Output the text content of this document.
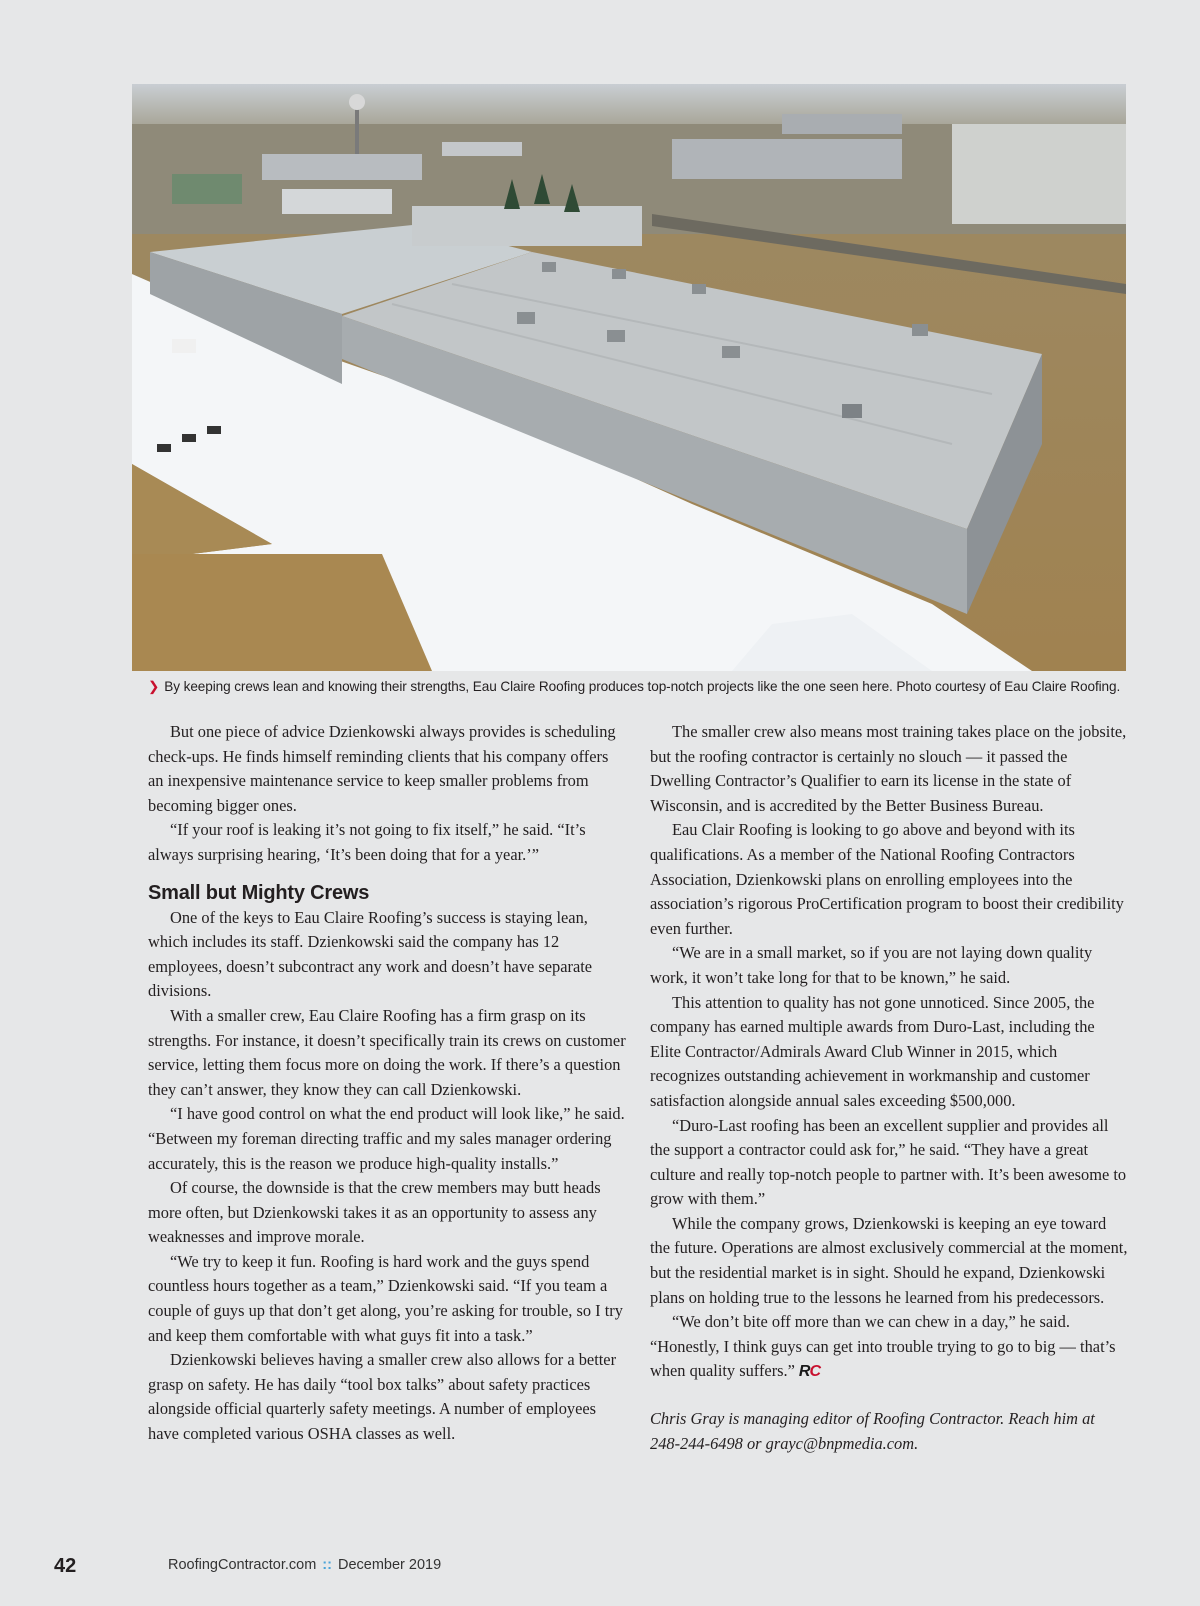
❯ By keeping crews lean and knowing their strengths, Eau Claire Roofing produces top-notch projects like the one seen here. Photo courtesy of Eau Claire Roofing.

But one piece of advice Dzienkowski always provides is scheduling check-ups. He finds himself reminding clients that his company offers an inexpensive maintenance service to keep smaller problems from becoming bigger ones.

“If your roof is leaking it’s not going to fix itself,” he said. “It’s always surprising hearing, ‘It’s been doing that for a year.’”

Small but Mighty Crews

One of the keys to Eau Claire Roofing’s success is staying lean, which includes its staff. Dzienkowski said the company has 12 employees, doesn’t subcontract any work and doesn’t have separate divisions.

With a smaller crew, Eau Claire Roofing has a firm grasp on its strengths. For instance, it doesn’t specifically train its crews on customer service, letting them focus more on doing the work. If there’s a question they can’t answer, they know they can call Dzienkowski.

“I have good control on what the end product will look like,” he said. “Between my foreman directing traffic and my sales manager ordering accurately, this is the reason we produce high-quality installs.”

Of course, the downside is that the crew members may butt heads more often, but Dzienkowski takes it as an opportunity to assess any weaknesses and improve morale.

“We try to keep it fun. Roofing is hard work and the guys spend countless hours together as a team,” Dzienkowski said. “If you team a couple of guys up that don’t get along, you’re asking for trouble, so I try and keep them comfortable with what guys fit into a task.”

Dzienkowski believes having a smaller crew also allows for a better grasp on safety. He has daily “tool box talks” about safety practices alongside official quarterly safety meetings. A number of employees have completed various OSHA classes as well.

The smaller crew also means most training takes place on the jobsite, but the roofing contractor is certainly no slouch — it passed the Dwelling Contractor’s Qualifier to earn its license in the state of Wisconsin, and is accredited by the Better Business Bureau.

Eau Clair Roofing is looking to go above and beyond with its qualifications. As a member of the National Roofing Contractors Association, Dzienkowski plans on enrolling employees into the association’s rigorous ProCertification program to boost their credibility even further.

“We are in a small market, so if you are not laying down quality work, it won’t take long for that to be known,” he said.

This attention to quality has not gone unnoticed. Since 2005, the company has earned multiple awards from Duro-Last, including the Elite Contractor/Admirals Award Club Winner in 2015, which recognizes outstanding achievement in workmanship and customer satisfaction alongside annual sales exceeding $500,000.

“Duro-Last roofing has been an excellent supplier and provides all the support a contractor could ask for,” he said. “They have a great culture and really top-notch people to partner with. It’s been awesome to grow with them.”

While the company grows, Dzienkowski is keeping an eye toward the future. Operations are almost exclusively commercial at the moment, but the residential market is in sight. Should he expand, Dzienkowski plans on holding true to the lessons he learned from his predecessors.

“We don’t bite off more than we can chew in a day,” he said. “Honestly, I think guys can get into trouble trying to go to big — that’s when quality suffers.” RC

Chris Gray is managing editor of Roofing Contractor. Reach him at 248-244-6498 or grayc@bnpmedia.com.

42	RoofingContractor.com :: December 2019
